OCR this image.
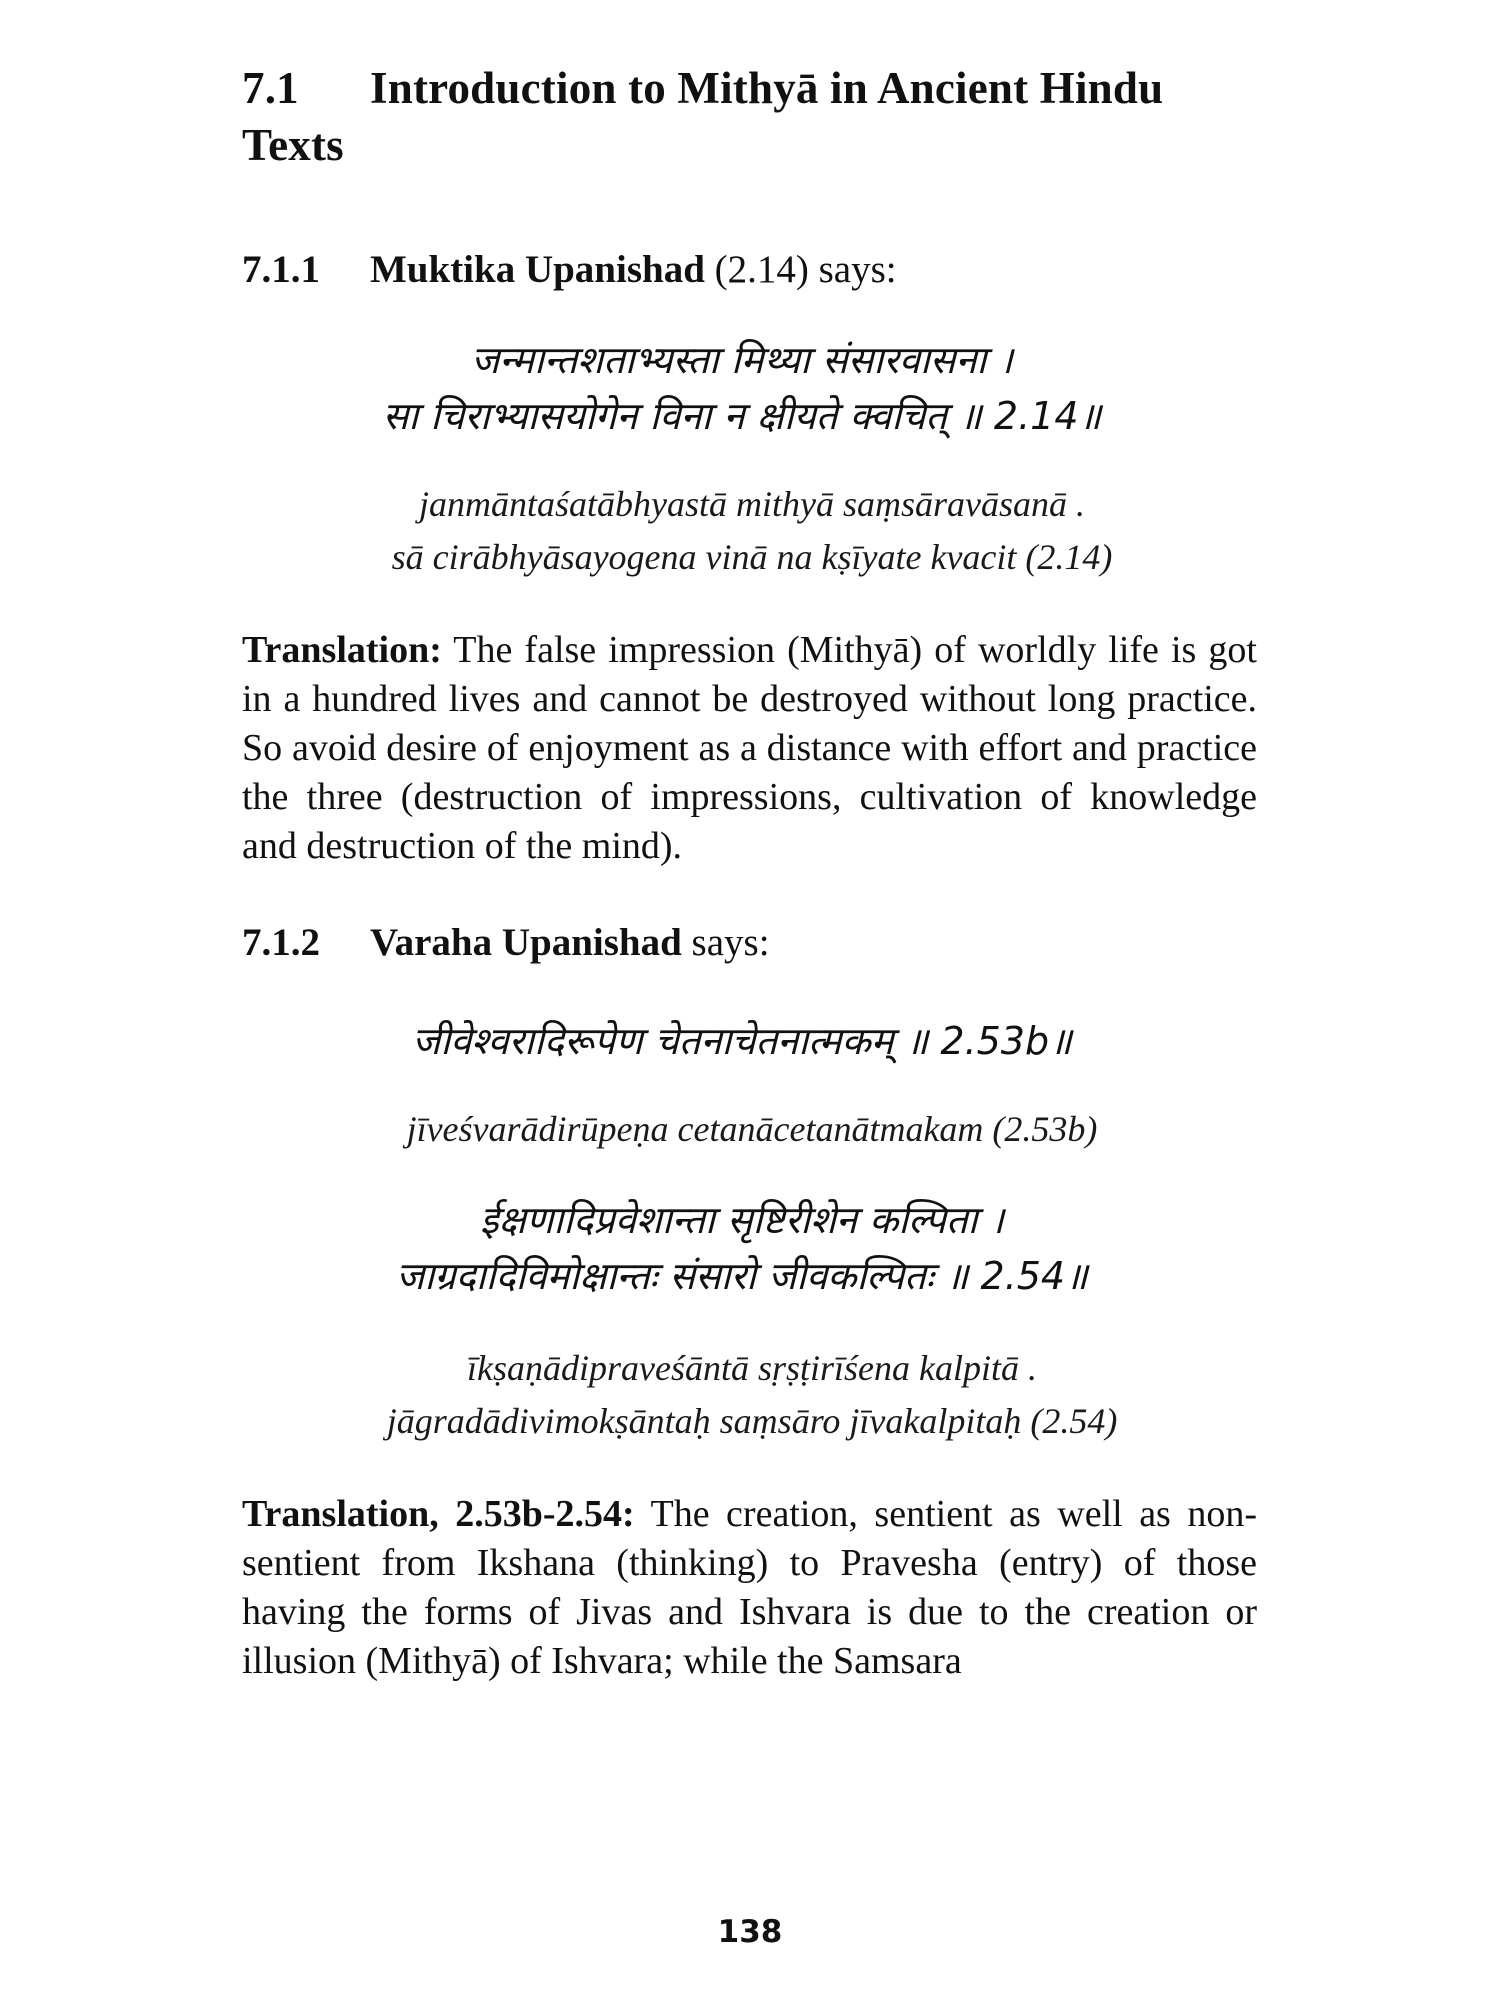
7.1 Introduction to Mithyā in Ancient Hindu Texts
7.1.1 Muktika Upanishad (2.14) says:
जन्मान्तशताभ्यस्ता मिथ्या संसारवासना ।
सा चिराभ्यासयोगेन विना न क्षीयते क्वचित् ॥ 2.14॥
janmāntaśatābhyastā mithyā saṃsāravāsanā .
sā cirābhyāsayogena vinā na kṣīyate kvacit (2.14)

Translation: The false impression (Mithyā) of worldly life is got in a hundred lives and cannot be destroyed without long practice. So avoid desire of enjoyment as a distance with effort and practice the three (destruction of impressions, cultivation of knowledge and destruction of the mind).

7.1.2 Varaha Upanishad says:
जीवेश्वरादिरूपेण चेतनाचेतनात्मकम् ॥ 2.53b॥
jīveśvarādirūpeṇa cetanācetanātmakam (2.53b)
ईक्षणादिप्रवेशान्ता सृष्टिरीशेन कल्पिता ।
जाग्रदादिविमोक्षान्तः संसारो जीवकल्पितः ॥ 2.54॥
īkṣaṇādipraveśāntā sṛṣṭirīśena kalpitā .
jāgradādivimokṣāntaḥ saṃsāro jīvakalpitaḥ (2.54)

Translation, 2.53b-2.54: The creation, sentient as well as non-sentient from Ikshana (thinking) to Pravesha (entry) of those having the forms of Jivas and Ishvara is due to the creation or illusion (Mithyā) of Ishvara; while the Samsara

138
